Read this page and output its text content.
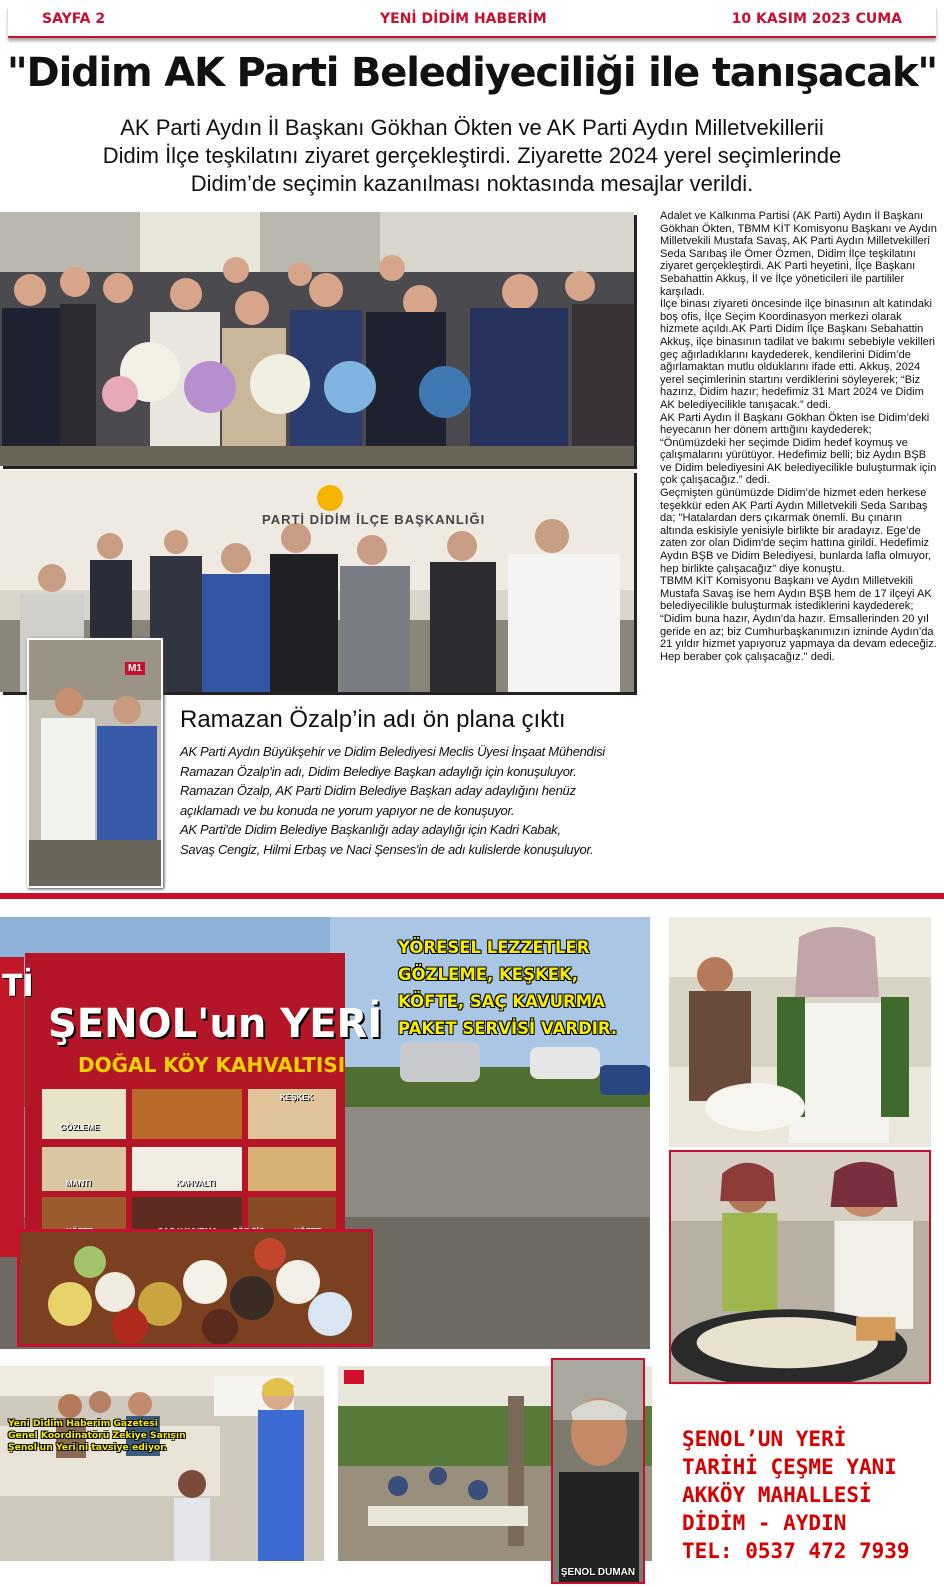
SAYFA 2	YENİ DİDİM HABERİM	10 KASIM 2023 CUMA
"Didim AK Parti Belediyeciliği ile tanışacak"
AK Parti Aydın İl Başkanı Gökhan Ökten ve AK Parti Aydın Milletvekillerii
Didim İlçe teşkilatını ziyaret gerçekleştirdi. Ziyarette 2024 yerel seçimlerinde
Didim’de seçimin kazanılması noktasında mesajlar verildi.
PARTİ DİDİM İLÇE BAŞKANLIĞI
M1

Adalet ve Kalkınma Partisi (AK Parti) Aydın İl Başkanı Gökhan Ökten, TBMM KİT Komisyonu Başkanı ve Aydın Milletvekili Mustafa Savaş, AK Parti Aydın Milletvekilleri Seda Sarıbaş ile Ömer Özmen, Didim İlçe teşkilatını ziyaret gerçekleştirdi. AK Parti heyetini, İlçe Başkanı Sebahattin Akkuş, İl ve İlçe yöneticileri ile partililer karşıladı.

İlçe binası ziyareti öncesinde ilçe binasının alt katındaki boş ofis, İlçe Seçim Koordinasyon merkezi olarak hizmete açıldı.AK Parti Didim İlçe Başkanı Sebahattin Akkuş, ilçe binasının tadilat ve bakımı sebebiyle vekilleri geç ağırladıklarını kaydederek, kendilerini Didim’de ağırlamaktan mutlu olduklarını ifade etti. Akkuş, 2024 yerel seçimlerinin startını verdiklerini söyleyerek; “Biz hazırız, Didim hazır; hedefimiz 31 Mart 2024 ve Didim AK belediyecilikle tanışacak.” dedi.

AK Parti Aydın İl Başkanı Gökhan Ökten ise Didim’deki heyecanın her dönem arttığını kaydederek; “Önümüzdeki her seçimde Didim hedef koymuş ve çalışmalarını yürütüyor. Hedefimiz belli; biz Aydın BŞB ve Didim belediyesini AK belediyecilikle buluşturmak için çok çalışacağız.” dedi.

Geçmişten günümüzde Didim’de hizmet eden herkese teşekkür eden AK Parti Aydın Milletvekili Seda Sarıbaş da; "Hatalardan ders çıkarmak önemli. Bu çınarın altında eskisiyle yenisiyle birlikte bir aradayız. Ege’de zaten zor olan Didim'de seçim hattına girildi. Hedefimiz Aydın BŞB ve Didim Belediyesi, bunlarda lafla olmuyor, hep birlikte çalışacağız" diye konuştu.

TBMM KİT Komisyonu Başkanı ve Aydın Milletvekili Mustafa Savaş ise hem Aydın BŞB hem de 17 ilçeyi AK belediyecilikle buluşturmak istediklerini kaydederek;

“Didim buna hazır, Aydın’da hazır. Emsallerinden 20 yıl geride en az; biz Cumhurbaşkanımızın izninde Aydın’da 21 yıldır hizmet yapıyoruz yapmaya da devam edeceğiz. Hep beraber çok çalışacağız." dedi.

Ramazan Özalp’in adı ön plana çıktı

AK Parti Aydın Büyükşehir ve Didim Belediyesi Meclis Üyesi İnşaat Mühendisi

Ramazan Özalp'in adı, Didim Belediye Başkan adaylığı için konuşuluyor.

Ramazan Özalp, AK Parti Didim Belediye Başkan aday adaylığını henüz

açıklamadı ve bu konuda ne yorum yapıyor ne de konuşuyor.

AK Parti'de Didim Belediye Başkanlığı aday adaylığı için Kadri Kabak,

Savaş Cengiz, Hilmi Erbaş ve Naci Şenses'in de adı kulislerde konuşuluyor.

ŞENOL'un YERİ
DOĞAL KÖY KAHVALTISI
Tİ
GÖZLEME
MANTI	KAHVALTI
KEŞKEK
YÖRESEL LEZZETLER
GÖZLEME, KEŞKEK,
KÖFTE, SAÇ KAVURMA
PAKET SERVİSİ VARDIR.
Yeni Didim Haberim Gazetesi
Genel Koordinatörü Zekiye Sarışın
Şenol'un Yeri'ni tavsiye ediyor.
ŞENOL DUMAN
ŞENOL’UN YERİ
TARİHİ ÇEŞME YANI
AKKÖY MAHALLESİ
DİDİM - AYDIN
TEL: 0537 472 7939
